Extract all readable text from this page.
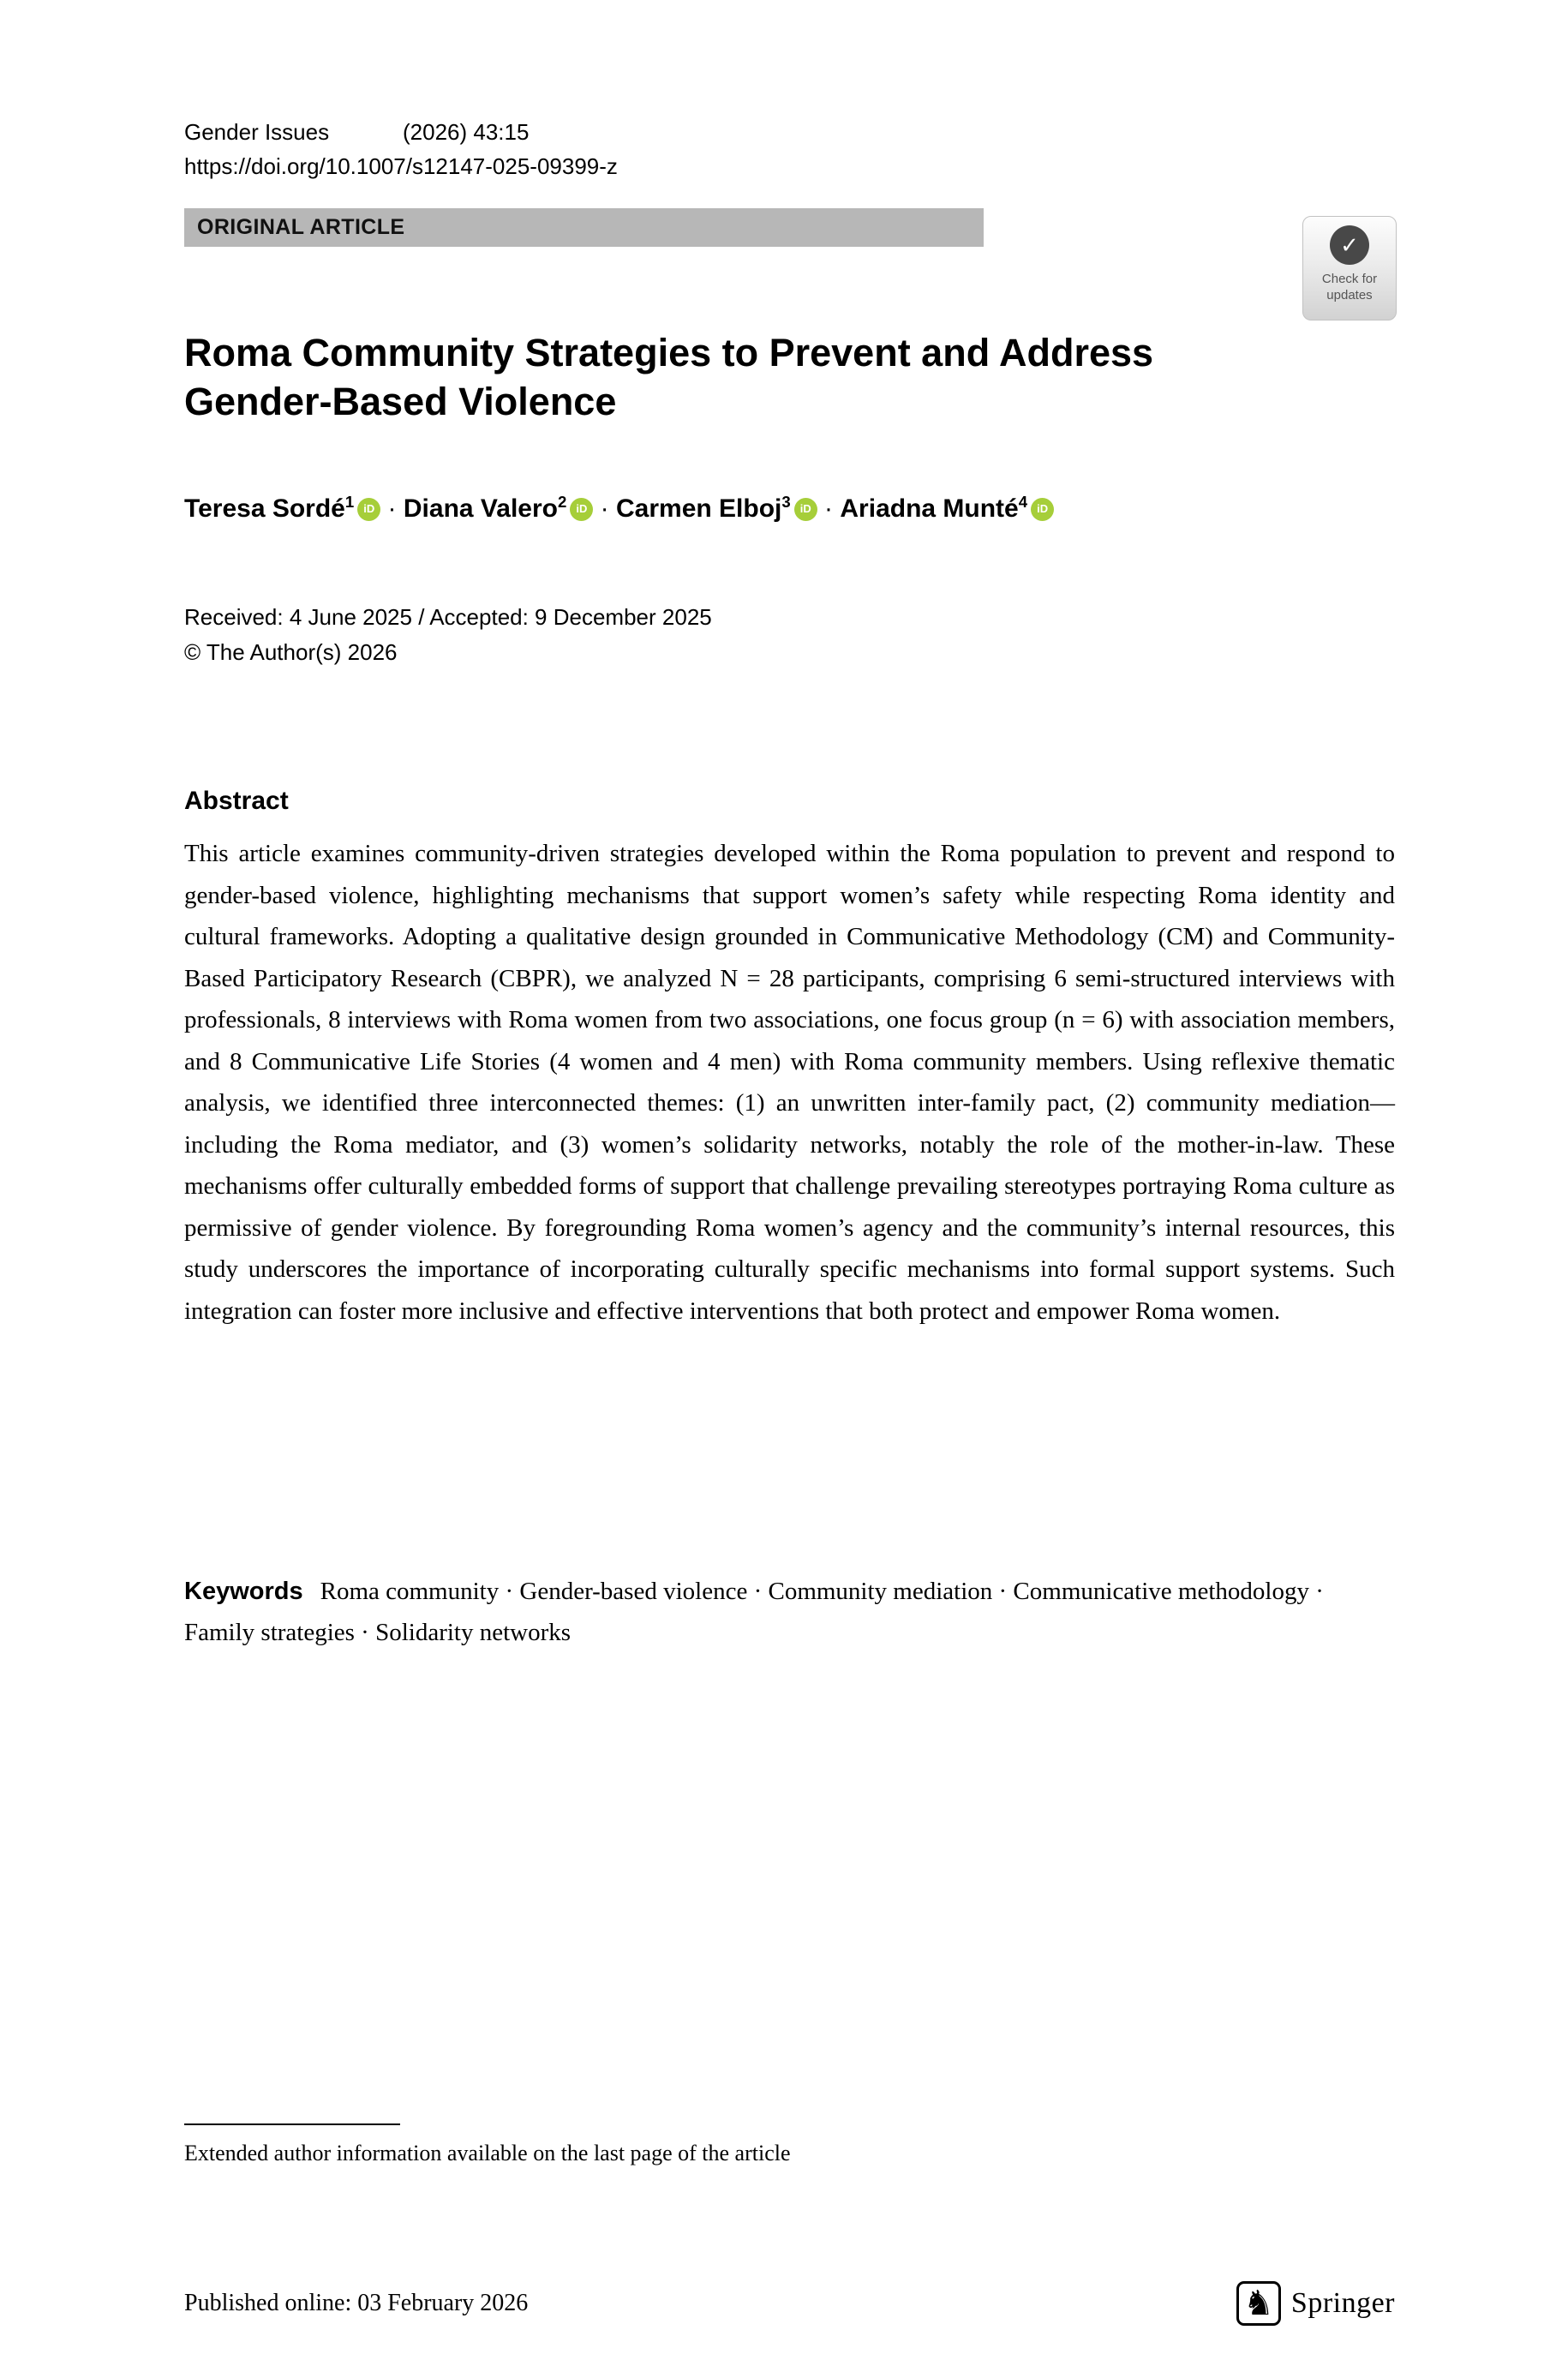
Gender Issues	(2026) 43:15
https://doi.org/10.1007/s12147-025-09399-z
ORIGINAL ARTICLE
✓
Check for
updates
Roma Community Strategies to Prevent and Address Gender-Based Violence
Teresa Sordé$^1$ iD · Diana Valero$^2$ iD · Carmen Elboj$^3$ iD · Ariadna Munté$^4$ iD
Received: 4 June 2025 / Accepted: 9 December 2025
© The Author(s) 2026
Abstract

This article examines community-driven strategies developed within the Roma population to prevent and respond to gender-based violence, highlighting mechanisms that support women’s safety while respecting Roma identity and cultural frameworks. Adopting a qualitative design grounded in Communicative Methodology (CM) and Community-Based Participatory Research (CBPR), we analyzed N = 28 participants, comprising 6 semi-structured interviews with professionals, 8 interviews with Roma women from two associations, one focus group (n = 6) with association members, and 8 Communicative Life Stories (4 women and 4 men) with Roma community members. Using reflexive thematic analysis, we identified three interconnected themes: (1) an unwritten inter-family pact, (2) community mediation—including the Roma mediator, and (3) women’s solidarity networks, notably the role of the mother-in-law. These mechanisms offer culturally embedded forms of support that challenge prevailing stereotypes portraying Roma culture as permissive of gender violence. By foregrounding Roma women’s agency and the community’s internal resources, this study underscores the importance of incorporating culturally specific mechanisms into formal support systems. Such integration can foster more inclusive and effective interventions that both protect and empower Roma women.

Keywords Roma community · Gender-based violence · Community mediation · Communicative methodology · Family strategies · Solidarity networks

Extended author information available on the last page of the article
Published online: 03 February 2026	♞ Springer
